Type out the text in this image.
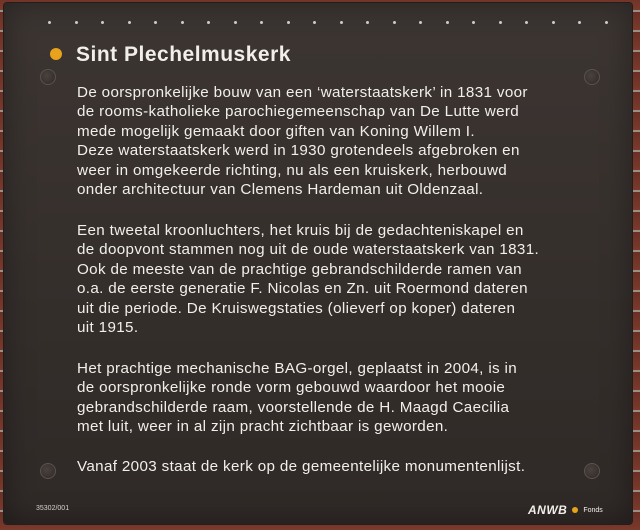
Sint Plechelmuskerk

De oorspronkelijke bouw van een ‘waterstaatskerk’ in 1831 voor
de rooms-katholieke parochiegemeenschap van De Lutte werd
mede mogelijk gemaakt door giften van Koning Willem I.
Deze waterstaatskerk werd in 1930 grotendeels afgebroken en
weer in omgekeerde richting, nu als een kruiskerk, herbouwd
onder architectuur van Clemens Hardeman uit Oldenzaal.

Een tweetal kroonluchters, het kruis bij de gedachteniskapel en
de doopvont stammen nog uit de oude waterstaatskerk van 1831.
Ook de meeste van de prachtige gebrandschilderde ramen van
o.a. de eerste generatie F. Nicolas en Zn. uit Roermond dateren
uit die periode. De Kruiswegstaties (olieverf op koper) dateren
uit 1915.

Het prachtige mechanische BAG-orgel, geplaatst in 2004, is in
de oorspronkelijke ronde vorm gebouwd waardoor het mooie
gebrandschilderde raam, voorstellende de H. Maagd Caecilia
met luit, weer in al zijn pracht zichtbaar is geworden.

Vanaf 2003 staat de kerk op de gemeentelijke monumentenlijst.

35302/001	ANWB Fonds
